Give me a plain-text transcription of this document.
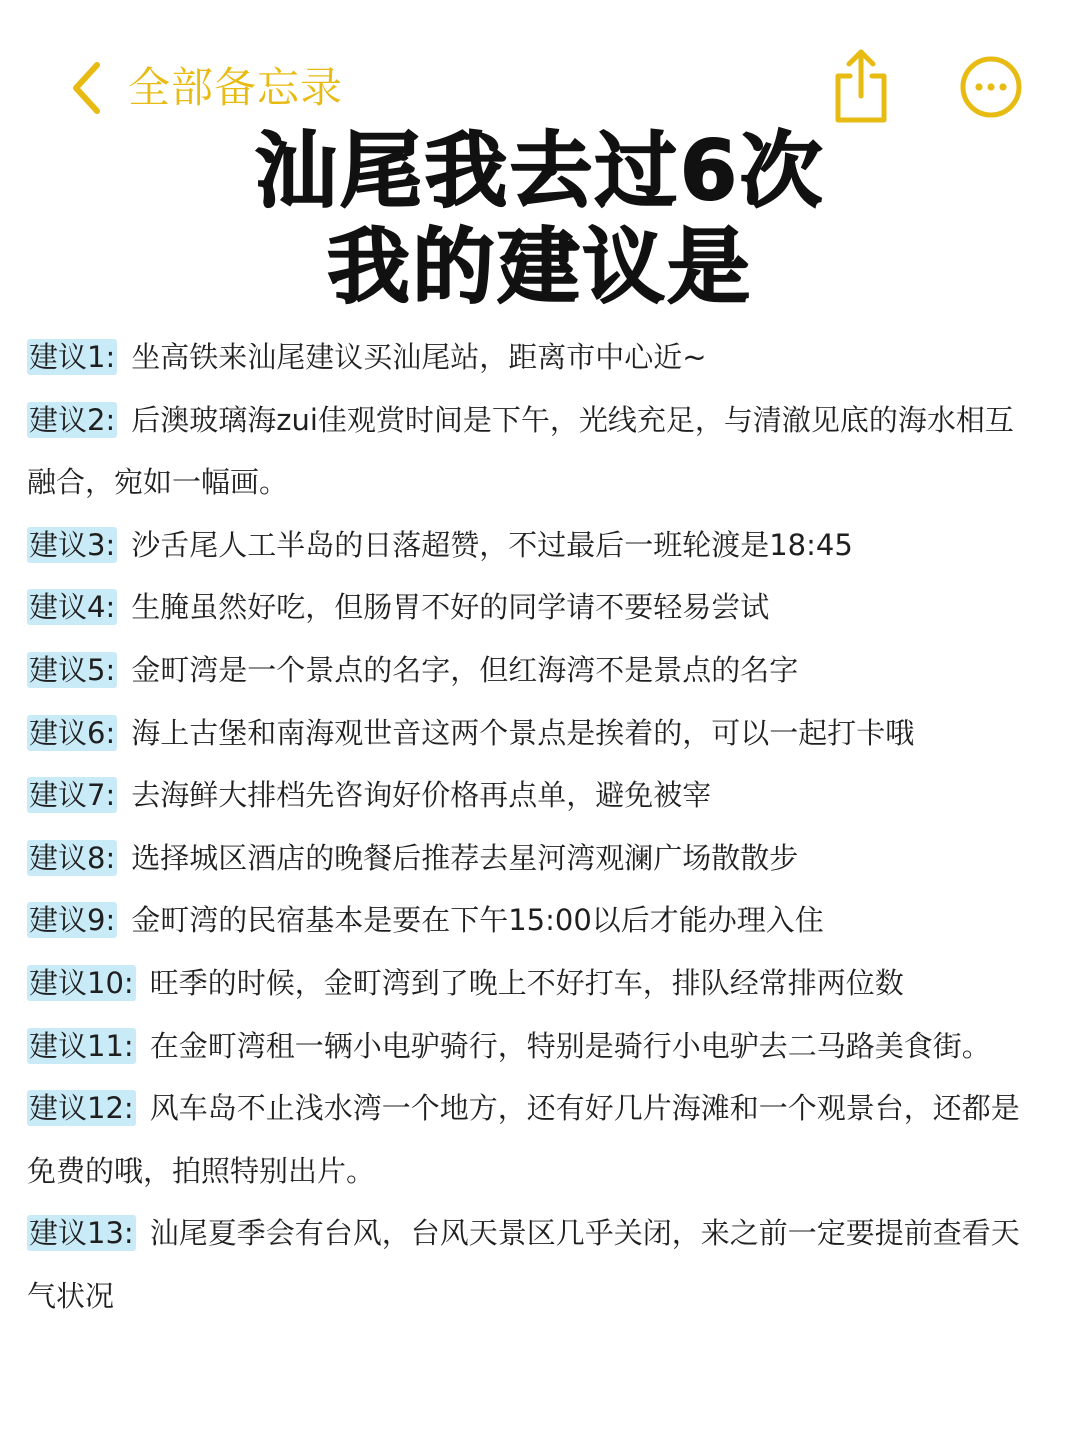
全部备忘录
汕尾我去过6次
我的建议是

建议1: 坐高铁来汕尾建议买汕尾站，距离市中心近~

建议2: 后澳玻璃海zui佳观赏时间是下午，光线充足，与清澈见底的海水相互融合，宛如一幅画。

建议3: 沙舌尾人工半岛的日落超赞，不过最后一班轮渡是18:45

建议4: 生腌虽然好吃，但肠胃不好的同学请不要轻易尝试

建议5: 金町湾是一个景点的名字，但红海湾不是景点的名字

建议6: 海上古堡和南海观世音这两个景点是挨着的，可以一起打卡哦

建议7: 去海鲜大排档先咨询好价格再点单，避免被宰

建议8: 选择城区酒店的晚餐后推荐去星河湾观澜广场散散步

建议9: 金町湾的民宿基本是要在下午15:00以后才能办理入住

建议10: 旺季的时候，金町湾到了晚上不好打车，排队经常排两位数

建议11: 在金町湾租一辆小电驴骑行，特别是骑行小电驴去二马路美食街。

建议12: 风车岛不止浅水湾一个地方，还有好几片海滩和一个观景台，还都是免费的哦，拍照特别出片。

建议13: 汕尾夏季会有台风，台风天景区几乎关闭，来之前一定要提前查看天气状况
